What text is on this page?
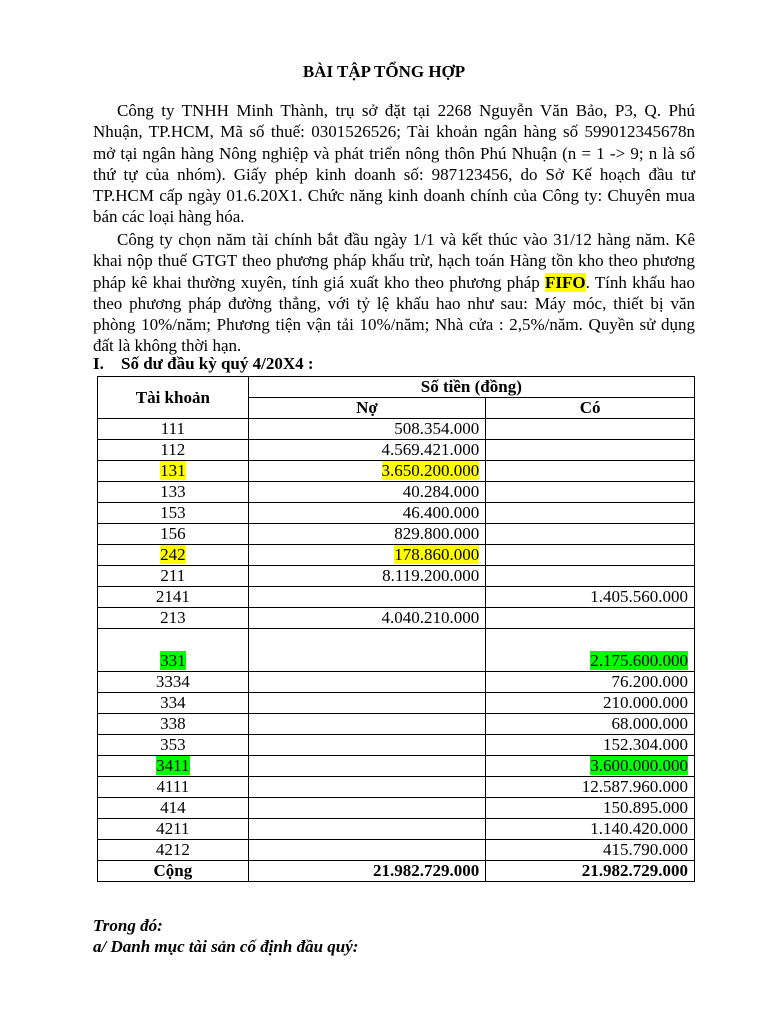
BÀI TẬP TỔNG HỢP

Công ty TNHH Minh Thành, trụ sở đặt tại 2268 Nguyễn Văn Bảo, P3, Q. Phú Nhuận, TP.HCM, Mã số thuế: 0301526526; Tài khoản ngân hàng số 599012345678n mở tại ngân hàng Nông nghiệp và phát triển nông thôn Phú Nhuận (n = 1 -> 9; n là số thứ tự của nhóm). Giấy phép kinh doanh số: 987123456, do Sở Kế hoạch đầu tư TP.HCM cấp ngày 01.6.20X1. Chức năng kinh doanh chính của Công ty: Chuyên mua bán các loại hàng hóa.

Công ty chọn năm tài chính bắt đầu ngày 1/1 và kết thúc vào 31/12 hàng năm. Kê khai nộp thuế GTGT theo phương pháp khấu trừ, hạch toán Hàng tồn kho theo phương pháp kê khai thường xuyên, tính giá xuất kho theo phương pháp FIFO. Tính khấu hao theo phương pháp đường thẳng, với tỷ lệ khấu hao như sau: Máy móc, thiết bị văn phòng 10%/năm; Phương tiện vận tải 10%/năm; Nhà cửa : 2,5%/năm. Quyền sử dụng đất là không thời hạn.

I. Số dư đầu kỳ quý 4/20X4 :
Tài khoản	Số tiền (đồng)	
	Nợ	Có
111	508.354.000	
112	4.569.421.000	
131	3.650.200.000	
133	40.284.000	
153	46.400.000	
156	829.800.000	
242	178.860.000	
211	8.119.200.000	
2141		1.405.560.000
213	4.040.210.000	
331		2.175.600.000
3334		76.200.000
334		210.000.000
338		68.000.000
353		152.304.000
3411		3.600.000.000
4111		12.587.960.000
414		150.895.000
4211		1.140.420.000
4212		415.790.000
Cộng	21.982.729.000	21.982.729.000
Trong đó:
a/ Danh mục tài sản cố định đầu quý:
